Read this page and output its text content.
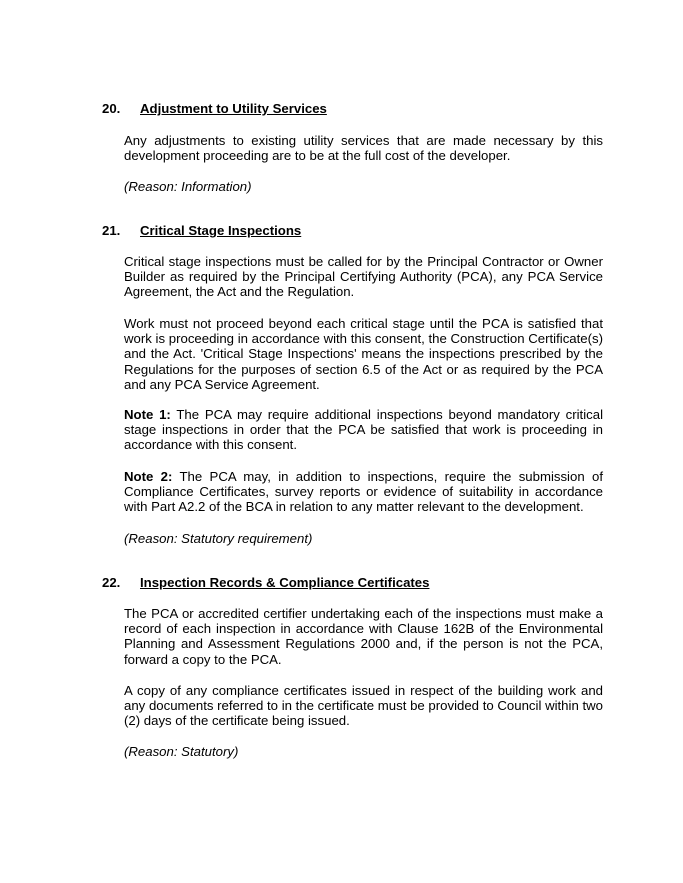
20. Adjustment to Utility Services

Any adjustments to existing utility services that are made necessary by this development proceeding are to be at the full cost of the developer.

(Reason: Information)

21. Critical Stage Inspections

Critical stage inspections must be called for by the Principal Contractor or Owner Builder as required by the Principal Certifying Authority (PCA), any PCA Service Agreement, the Act and the Regulation.

Work must not proceed beyond each critical stage until the PCA is satisfied that work is proceeding in accordance with this consent, the Construction Certificate(s) and the Act. 'Critical Stage Inspections' means the inspections prescribed by the Regulations for the purposes of section 6.5 of the Act or as required by the PCA and any PCA Service Agreement.

Note 1: The PCA may require additional inspections beyond mandatory critical stage inspections in order that the PCA be satisfied that work is proceeding in accordance with this consent.

Note 2: The PCA may, in addition to inspections, require the submission of Compliance Certificates, survey reports or evidence of suitability in accordance with Part A2.2 of the BCA in relation to any matter relevant to the development.

(Reason: Statutory requirement)

22. Inspection Records & Compliance Certificates

The PCA or accredited certifier undertaking each of the inspections must make a record of each inspection in accordance with Clause 162B of the Environmental Planning and Assessment Regulations 2000 and, if the person is not the PCA, forward a copy to the PCA.

A copy of any compliance certificates issued in respect of the building work and any documents referred to in the certificate must be provided to Council within two (2) days of the certificate being issued.

(Reason: Statutory)
